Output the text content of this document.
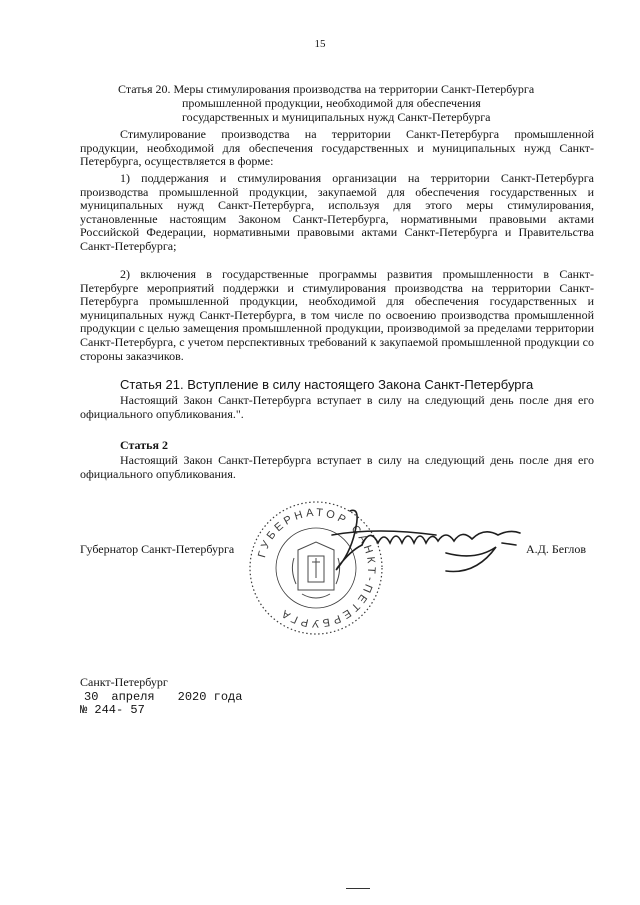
15
Статья 20. Меры стимулирования производства на территории Санкт-Петербурга
промышленной продукции, необходимой для обеспечения
государственных и муниципальных нужд Санкт-Петербурга
Стимулирование производства на территории Санкт-Петербурга промышленной продукции, необходимой для обеспечения государственных и муниципальных нужд Санкт-Петербурга, осуществляется в форме:
1) поддержания и стимулирования организации на территории Санкт-Петербурга производства промышленной продукции, закупаемой для обеспечения государственных и муниципальных нужд Санкт-Петербурга, используя для этого меры стимулирования, установленные настоящим Законом Санкт-Петербурга, нормативными правовыми актами Российской Федерации, нормативными правовыми актами Санкт-Петербурга и Правительства Санкт-Петербурга;
2) включения в государственные программы развития промышленности в Санкт-Петербурге мероприятий поддержки и стимулирования производства на территории Санкт-Петербурга промышленной продукции, необходимой для обеспечения государственных и муниципальных нужд Санкт-Петербурга, в том числе по освоению производства промышленной продукции с целью замещения промышленной продукции, производимой за пределами территории Санкт-Петербурга, с учетом перспективных требований к закупаемой промышленной продукции со стороны заказчиков.
Статья 21. Вступление в силу настоящего Закона Санкт-Петербурга
Настоящий Закон Санкт-Петербурга вступает в силу на следующий день после дня его официального опубликования.".
Статья 2
Настоящий Закон Санкт-Петербурга вступает в силу на следующий день после дня его официального опубликования.
Губернатор Санкт-Петербурга	А.Д. Беглов
ГУБЕРНАТОР САНКТ-ПЕТЕРБУРГА
Санкт-Петербург
30 апреля 2020 года
№ 244- 57
